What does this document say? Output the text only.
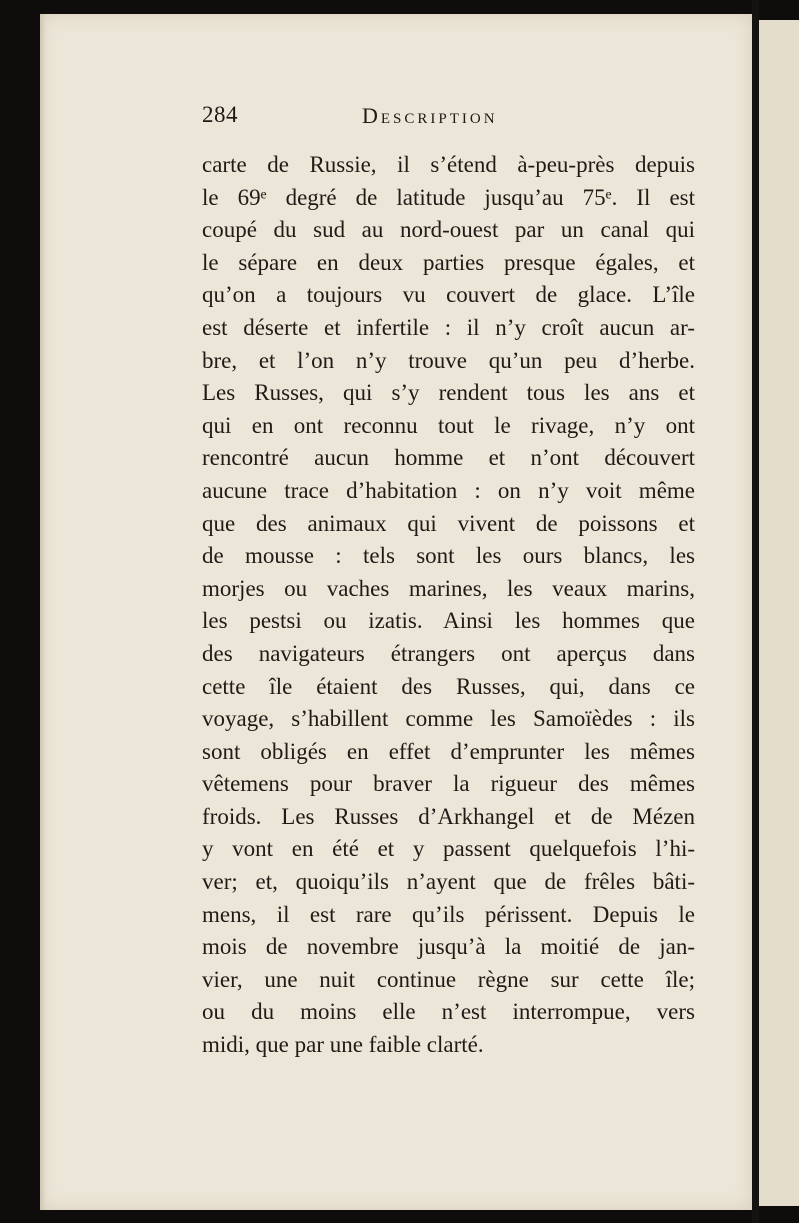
284	Description
carte de Russie, il s’étend à-peu-près depuis
le 69ᵉ degré de latitude jusqu’au 75ᵉ. Il est
coupé du sud au nord-ouest par un canal qui
le sépare en deux parties presque égales, et
qu’on a toujours vu couvert de glace. L’île
est déserte et infertile : il n’y croît aucun ar-
bre, et l’on n’y trouve qu’un peu d’herbe.
Les Russes, qui s’y rendent tous les ans et
qui en ont reconnu tout le rivage, n’y ont
rencontré aucun homme et n’ont découvert
aucune trace d’habitation : on n’y voit même
que des animaux qui vivent de poissons et
de mousse : tels sont les ours blancs, les
morjes ou vaches marines, les veaux marins,
les pestsi ou izatis. Ainsi les hommes que
des navigateurs étrangers ont aperçus dans
cette île étaient des Russes, qui, dans ce
voyage, s’habillent comme les Samoïèdes : ils
sont obligés en effet d’emprunter les mêmes
vêtemens pour braver la rigueur des mêmes
froids. Les Russes d’Arkhangel et de Mézen
y vont en été et y passent quelquefois l’hi-
ver; et, quoiqu’ils n’ayent que de frêles bâti-
mens, il est rare qu’ils périssent. Depuis le
mois de novembre jusqu’à la moitié de jan-
vier, une nuit continue règne sur cette île;
ou du moins elle n’est interrompue, vers
midi, que par une faible clarté.
